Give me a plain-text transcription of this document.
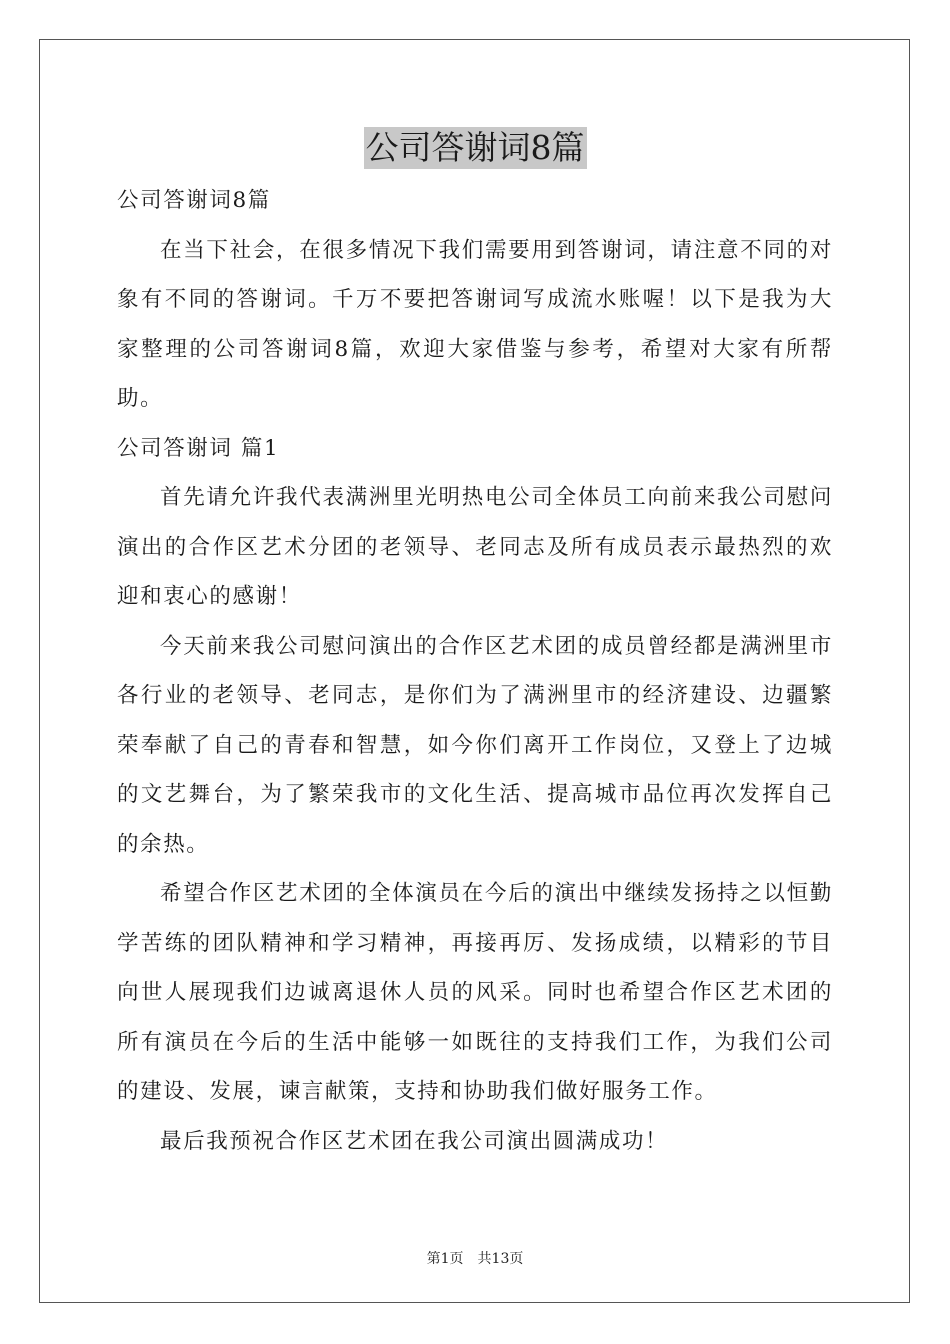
公司答谢词8篇

公司答谢词8篇

在当下社会，在很多情况下我们需要用到答谢词，请注意不同的对象有不同的答谢词。千万不要把答谢词写成流水账喔！以下是我为大家整理的公司答谢词8篇，欢迎大家借鉴与参考，希望对大家有所帮助。

公司答谢词 篇1

首先请允许我代表满洲里光明热电公司全体员工向前来我公司慰问演出的合作区艺术分团的老领导、老同志及所有成员表示最热烈的欢迎和衷心的感谢！

今天前来我公司慰问演出的合作区艺术团的成员曾经都是满洲里市各行业的老领导、老同志，是你们为了满洲里市的经济建设、边疆繁荣奉献了自己的青春和智慧，如今你们离开工作岗位，又登上了边城的文艺舞台，为了繁荣我市的文化生活、提高城市品位再次发挥自己的余热。

希望合作区艺术团的全体演员在今后的演出中继续发扬持之以恒勤学苦练的团队精神和学习精神，再接再厉、发扬成绩，以精彩的节目向世人展现我们边诚离退休人员的风采。同时也希望合作区艺术团的所有演员在今后的生活中能够一如既往的支持我们工作，为我们公司的建设、发展，谏言献策，支持和协助我们做好服务工作。

最后我预祝合作区艺术团在我公司演出圆满成功！

第1页　共13页
